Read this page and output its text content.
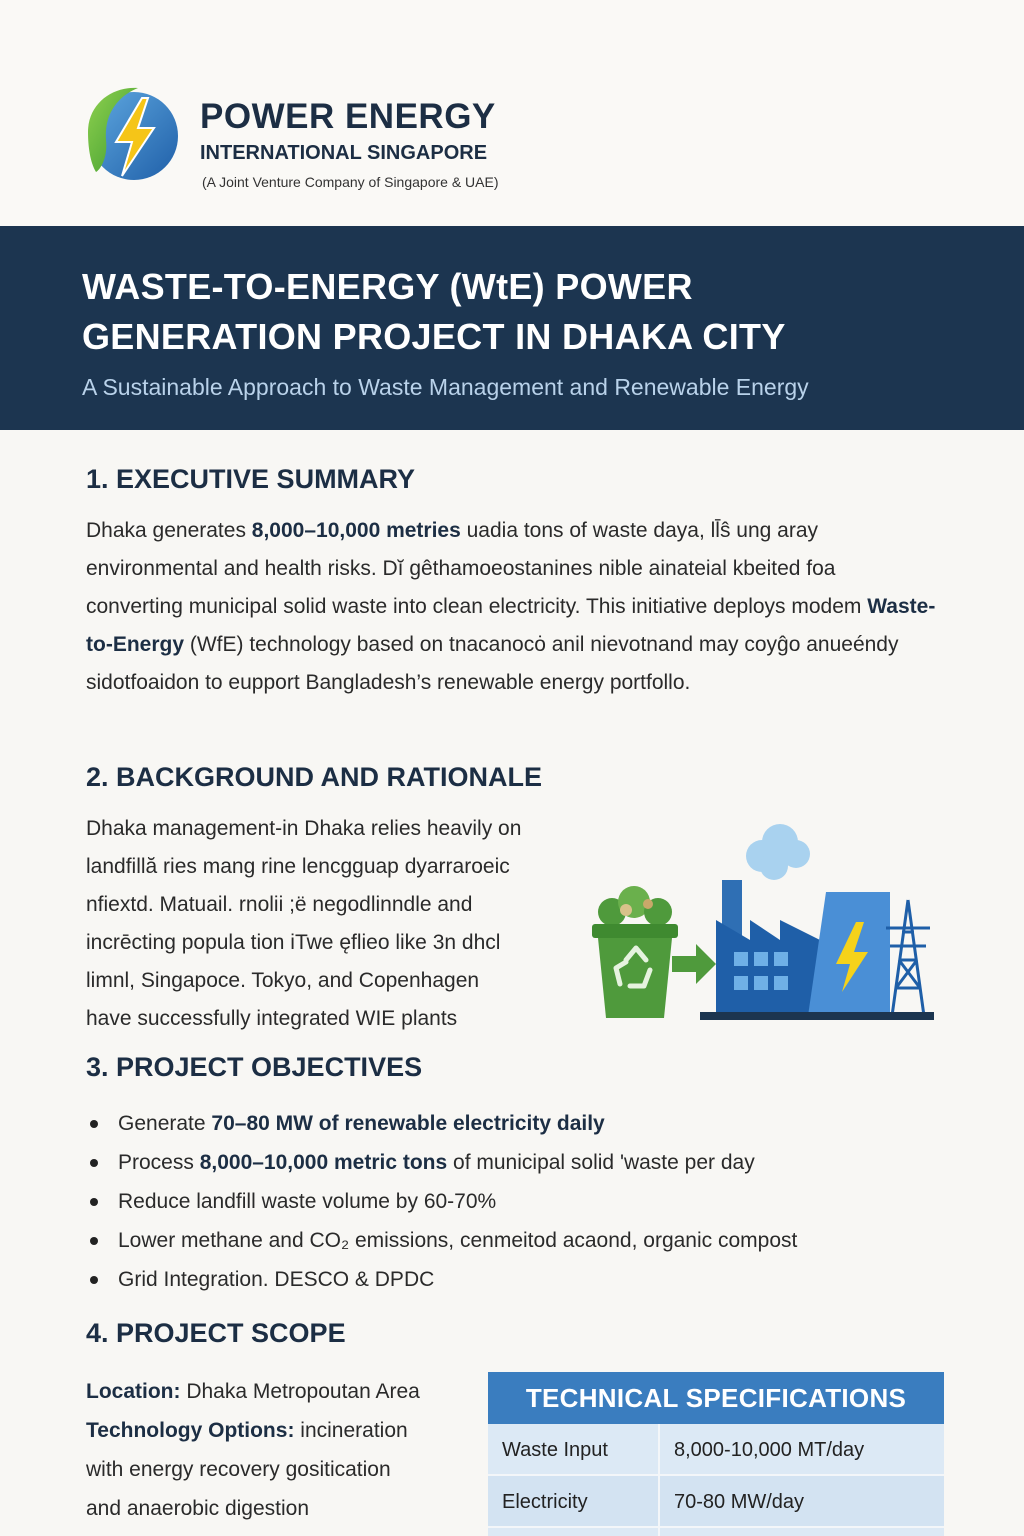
POWER ENERGY
INTERNATIONAL SINGAPORE
(A Joint Venture Company of Singapore & UAE)
WASTE-TO-ENERGY (WtE) POWER
GENERATION PROJECT IN DHAKA CITY
A Sustainable Approach to Waste Management and Renewable Energy
1. EXECUTIVE SUMMARY
Dhaka generates 8,000–10,000 metries uadia tons of waste daya, ll̄ŝ ung aray environmental and health risks. Dĭ gêthamoeostanines nible ainateial kbeited foa converting municipal solid waste into clean electricity. This initiative deploys modem Waste-to-Energy (WfE) technology based on tnacanocȯ anil nievotnand may coyĝo anueéndy sidotfoaidon to eupport Bangladesh’s renewable energy portfollo.
2. BACKGROUND AND RATIONALE
Dhaka management-in Dhaka relies heavily on
landfillă ries mang rine lencgguap dyarraroeic
nfiextd. Matuail. rnolii ;ë negodlinndle and
incrēcting popula tion iTwe ęflieo like 3n dhcl
limnl, Singapoce. Tokyo, and Copenhagen
have successfully integrated WIE plants
3. PROJECT OBJECTIVES
Generate 70–80 MW of renewable electricity daily
Process 8,000–10,000 metric tons of municipal solid 'waste per day
Reduce landfill waste volume by 60-70%
Lower methane and CO₂ emissions, cenmeitod acaond, organic compost
Grid Integration. DESCO & DPDC
4. PROJECT SCOPE
Location: Dhaka Metropoutan Area
Technology Options: incineration
with energy recovery gositication
and anaerobic digestion
TECHNICAL SPECIFICATIONS
Waste Input	8,000-10,000 MT/day
Electricity	70-80 MW/day
